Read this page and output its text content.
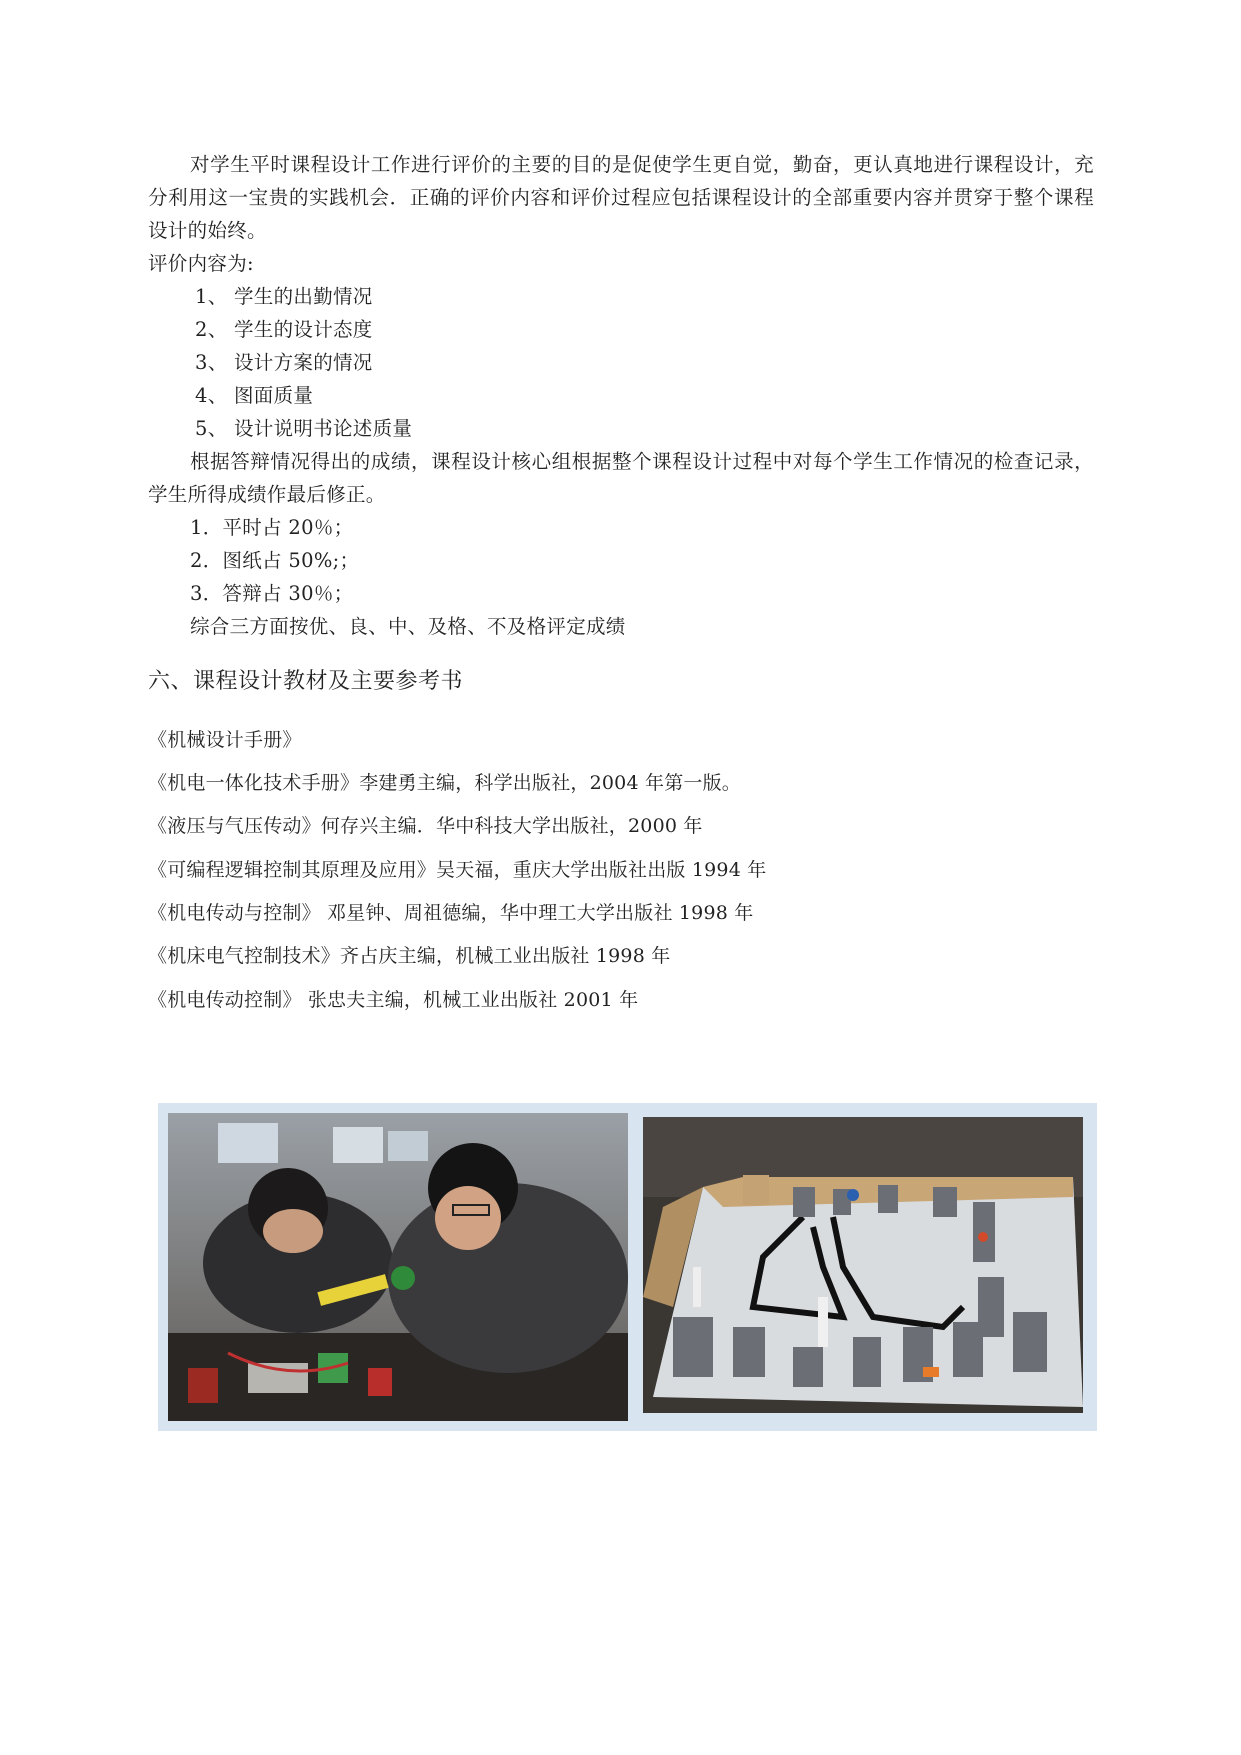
对学生平时课程设计工作进行评价的主要的目的是促使学生更自觉，勤奋，更认真地进行课程设计，充分利用这一宝贵的实践机会．正确的评价内容和评价过程应包括课程设计的全部重要内容并贯穿于整个课程设计的始终。
评价内容为:
1、 学生的出勤情况
2、 学生的设计态度
3、 设计方案的情况
4、 图面质量
5、 设计说明书论述质量
根据答辩情况得出的成绩，课程设计核心组根据整个课程设计过程中对每个学生工作情况的检查记录，学生所得成绩作最后修正。
1．平时占 20％；
2．图纸占 50%;；
3．答辩占 30％；
综合三方面按优、良、中、及格、不及格评定成绩
六、课程设计教材及主要参考书
《机械设计手册》
《机电一体化技术手册》李建勇主编，科学出版社，2004 年第一版。
《液压与气压传动》何存兴主编．华中科技大学出版社，2000 年
《可编程逻辑控制其原理及应用》吴天福，重庆大学出版社出版 1994 年
《机电传动与控制》 邓星钟、周祖德编，华中理工大学出版社 1998 年
《机床电气控制技术》齐占庆主编，机械工业出版社 1998 年
《机电传动控制》 张忠夫主编，机械工业出版社 2001 年
